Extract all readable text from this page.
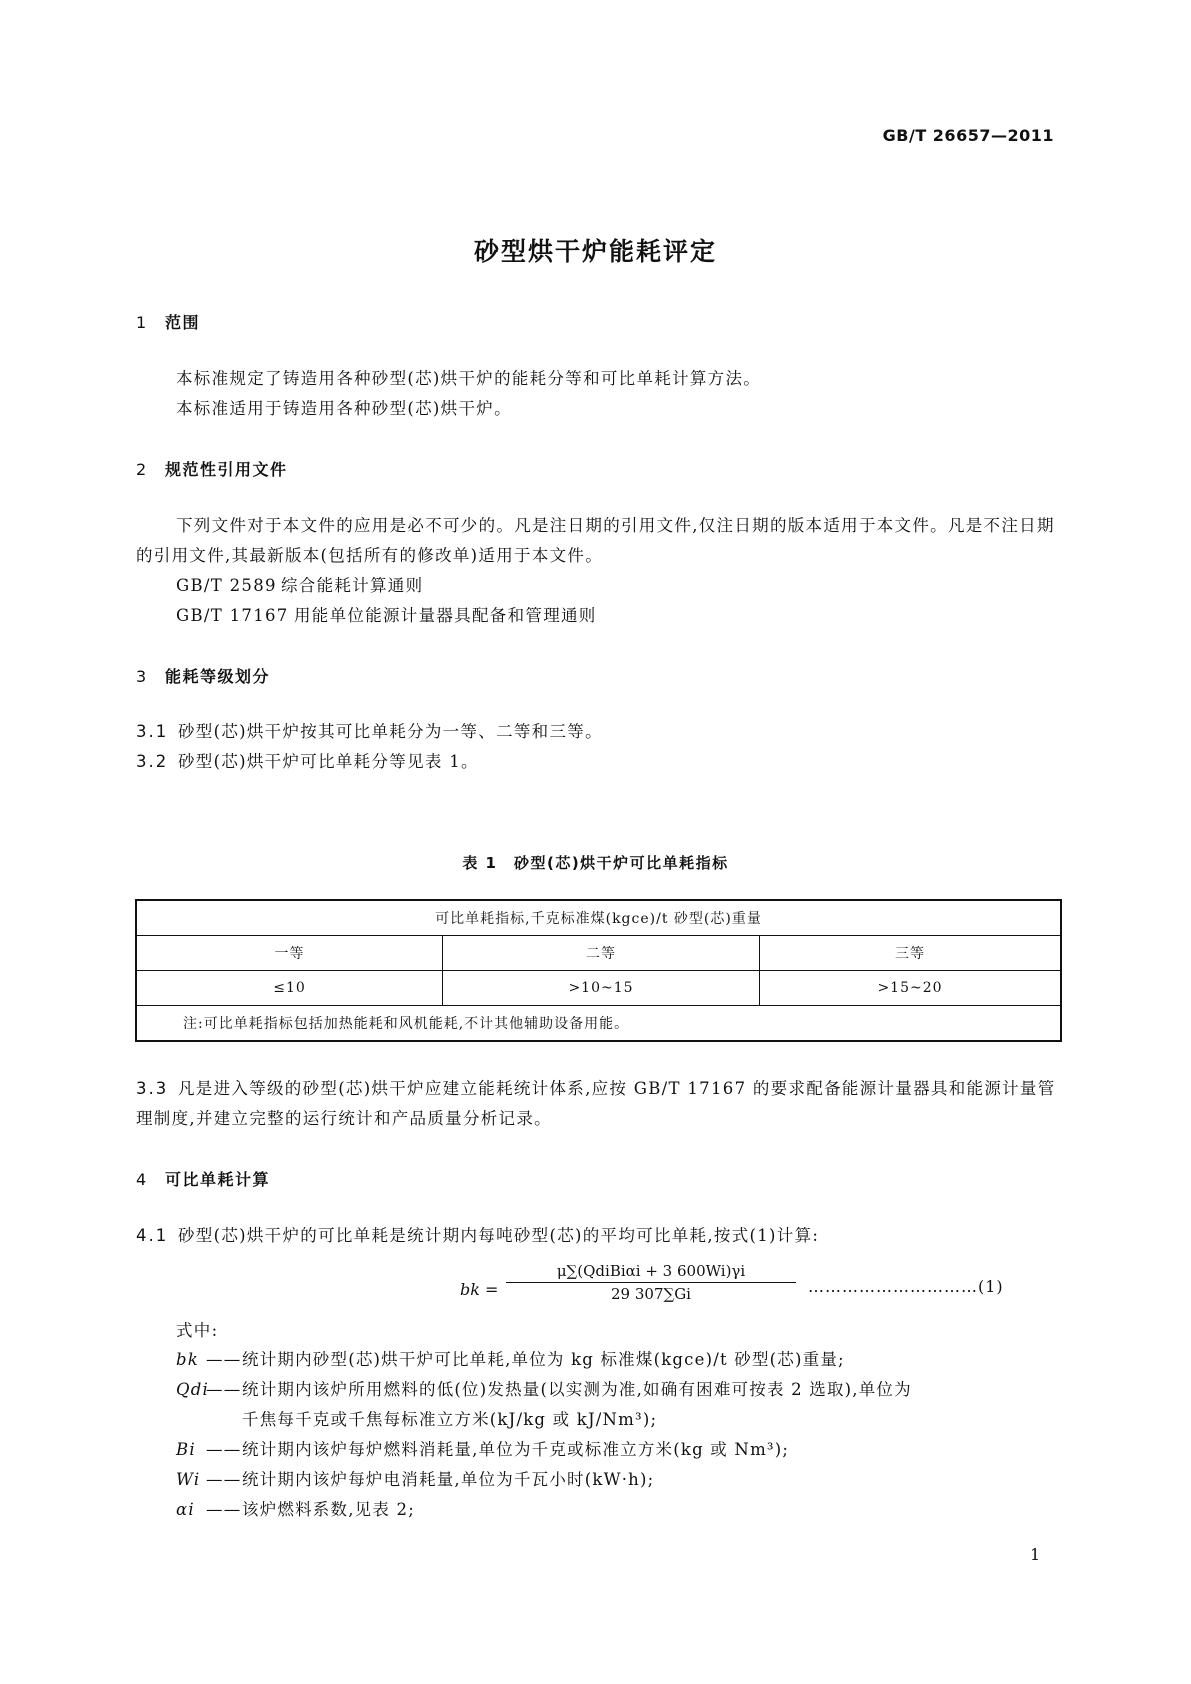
GB/T 26657—2011
砂型烘干炉能耗评定
1 范围
本标准规定了铸造用各种砂型(芯)烘干炉的能耗分等和可比单耗计算方法。
本标准适用于铸造用各种砂型(芯)烘干炉。
2 规范性引用文件
下列文件对于本文件的应用是必不可少的。凡是注日期的引用文件,仅注日期的版本适用于本文件。凡是不注日期的引用文件,其最新版本(包括所有的修改单)适用于本文件。
GB/T 2589 综合能耗计算通则
GB/T 17167 用能单位能源计量器具配备和管理通则
3 能耗等级划分
3.1 砂型(芯)烘干炉按其可比单耗分为一等、二等和三等。
3.2 砂型(芯)烘干炉可比单耗分等见表 1。
表 1　砂型(芯)烘干炉可比单耗指标
可比单耗指标,千克标准煤(kgce)/t 砂型(芯)重量		
一等	二等	三等
≤10	>10~15	>15~20
注:可比单耗指标包括加热能耗和风机能耗,不计其他辅助设备用能。		
3.3 凡是进入等级的砂型(芯)烘干炉应建立能耗统计体系,应按 GB/T 17167 的要求配备能源计量器具和能源计量管理制度,并建立完整的运行统计和产品质量分析记录。
4 可比单耗计算
4.1 砂型(芯)烘干炉的可比单耗是统计期内每吨砂型(芯)的平均可比单耗,按式(1)计算:
bk =
μ∑(QdiBiαi + 3 600Wi)γi
29 307∑Gi	…………………………(1)
式中:
bk ——统计期内砂型(芯)烘干炉可比单耗,单位为 kg 标准煤(kgce)/t 砂型(芯)重量;
Qdi——统计期内该炉所用燃料的低(位)发热量(以实测为准,如确有困难可按表 2 选取),单位为
千焦每千克或千焦每标准立方米(kJ/kg 或 kJ/Nm³);
Bi ——统计期内该炉每炉燃料消耗量,单位为千克或标准立方米(kg 或 Nm³);
Wi ——统计期内该炉每炉电消耗量,单位为千瓦小时(kW·h);
αi ——该炉燃料系数,见表 2;
1
